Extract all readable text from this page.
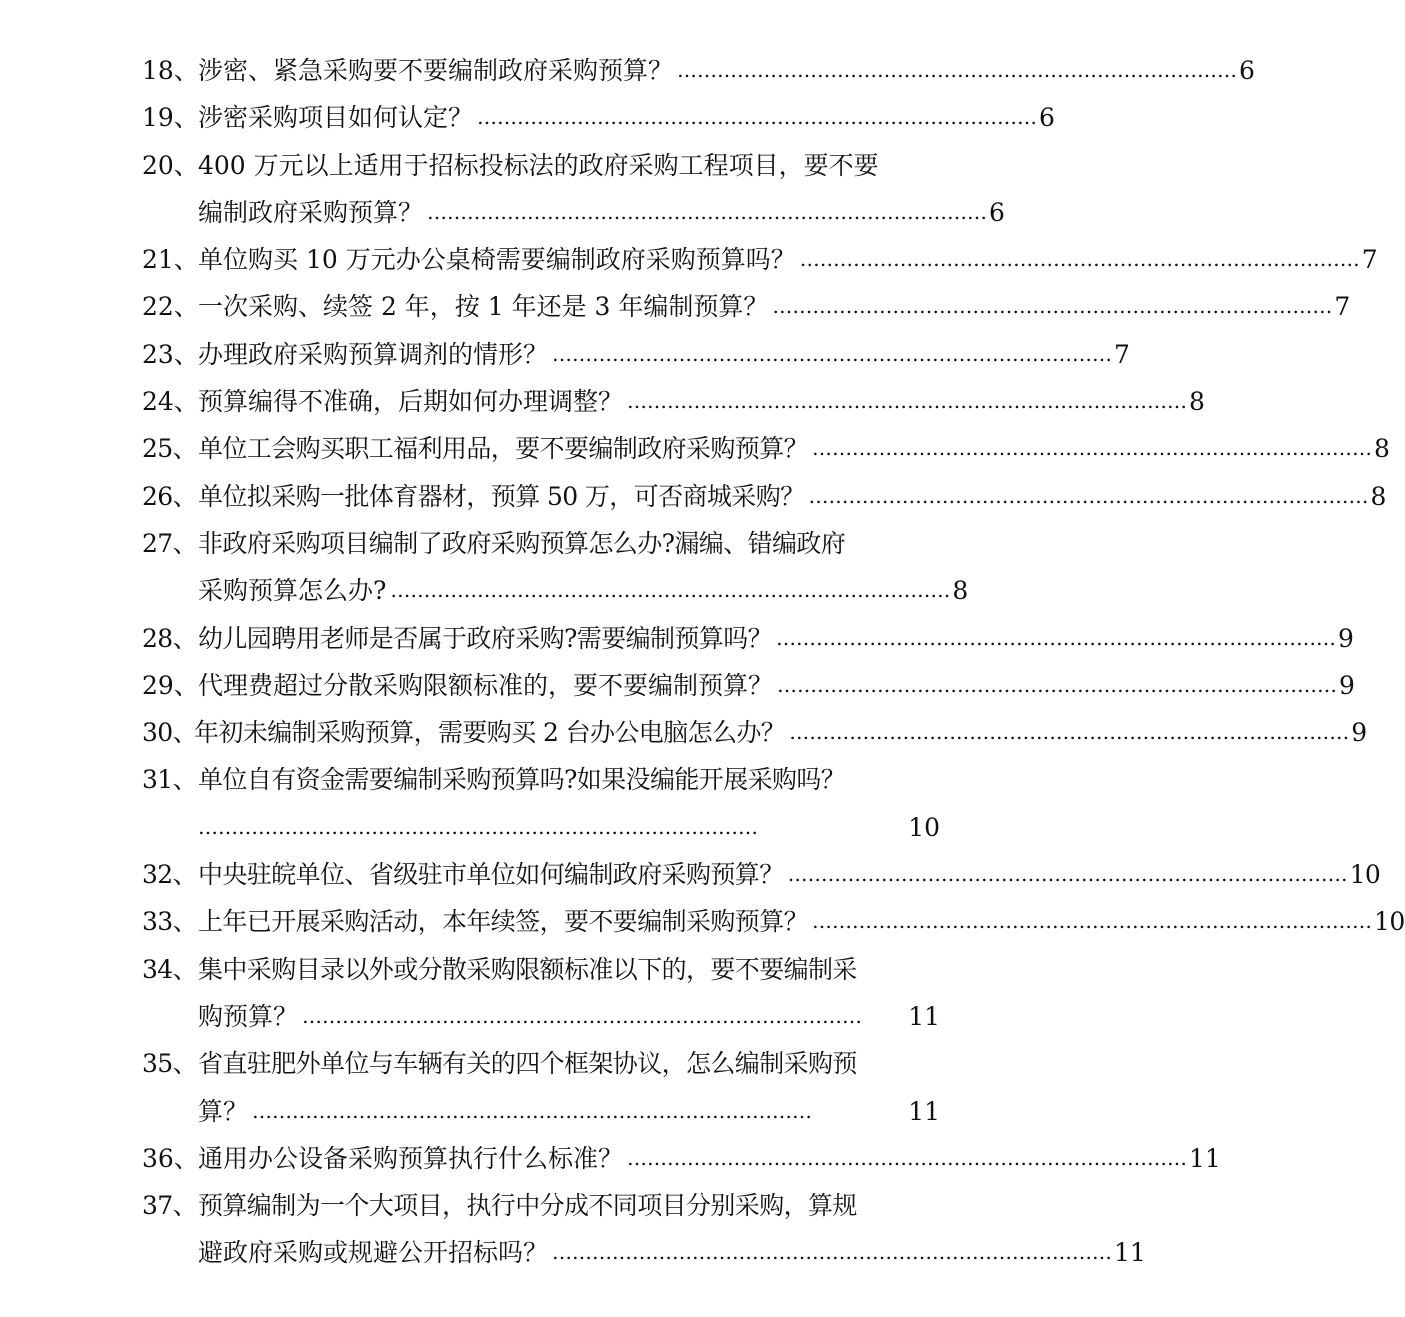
18、 涉密、紧急采购要不要编制政府采购预算？ ………………………………………………………………………… 6
19、 涉密采购项目如何认定？ ………………………………………………………………………… 6
20、 400 万元以上适用于招标投标法的政府采购工程项目，要不要
编制政府采购预算？ ………………………………………………………………………… 6
21、 单位购买 10 万元办公桌椅需要编制政府采购预算吗？ ………………………………………………………………………… 7
22、 一次采购、续签 2 年，按 1 年还是 3 年编制预算？ ………………………………………………………………………… 7
23、 办理政府采购预算调剂的情形？ ………………………………………………………………………… 7
24、 预算编得不准确，后期如何办理调整？ ………………………………………………………………………… 8
25、 单位工会购买职工福利用品，要不要编制政府采购预算？ ………………………………………………………………………… 8
26、 单位拟采购一批体育器材，预算 50 万，可否商城采购？ ………………………………………………………………………… 8
27、 非政府采购项目编制了政府采购预算怎么办?漏编、错编政府
采购预算怎么办? ………………………………………………………………………… 8
28、 幼儿园聘用老师是否属于政府采购?需要编制预算吗？ ………………………………………………………………………… 9
29、 代理费超过分散采购限额标准的，要不要编制预算？ ………………………………………………………………………… 9
30、
年初未编制采购预算，需要购买 2 台办公电脑怎么办？ ………………………………………………………………………… 9
31、 单位自有资金需要编制采购预算吗?如果没编能开展采购吗？
…………………………………………………………………………	10
32、 中央驻皖单位、省级驻市单位如何编制政府采购预算？ ………………………………………………………………………… 10
33、 上年已开展采购活动，本年续签，要不要编制采购预算？ ………………………………………………………………………… 10
34、 集中采购目录以外或分散采购限额标准以下的，要不要编制采
购预算？ …………………………………………………………………………	11
35、 省直驻肥外单位与车辆有关的四个框架协议，怎么编制采购预
算？ …………………………………………………………………………	11
36、 通用办公设备采购预算执行什么标准？ ………………………………………………………………………… 11
37、 预算编制为一个大项目，执行中分成不同项目分别采购，算规
避政府采购或规避公开招标吗？ ………………………………………………………………………… 11
